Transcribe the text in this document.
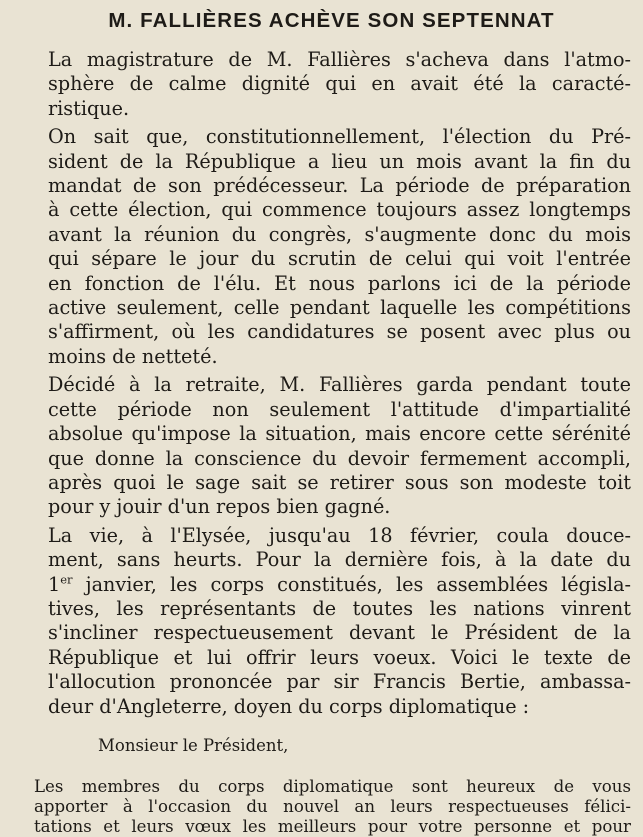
M. FALLIÈRES ACHÈVE SON SEPTENNAT

La magistrature de M. Fallières s'acheva dans l'atmo-
sphère de calme dignité qui en avait été la caracté-
ristique.

On sait que, constitutionnellement, l'élection du Pré-
sident de la République a lieu un mois avant la fin du
mandat de son prédécesseur. La période de préparation
à cette élection, qui commence toujours assez longtemps
avant la réunion du congrès, s'augmente donc du mois
qui sépare le jour du scrutin de celui qui voit l'entrée
en fonction de l'élu. Et nous parlons ici de la période
active seulement, celle pendant laquelle les compétitions
s'affirment, où les candidatures se posent avec plus ou
moins de netteté.

Décidé à la retraite, M. Fallières garda pendant toute
cette période non seulement l'attitude d'impartialité
absolue qu'impose la situation, mais encore cette sérénité
que donne la conscience du devoir fermement accompli,
après quoi le sage sait se retirer sous son modeste toit
pour y jouir d'un repos bien gagné.

La vie, à l'Elysée, jusqu'au 18 février, coula douce-
ment, sans heurts. Pour la dernière fois, à la date du
1er janvier, les corps constitués, les assemblées législa-
tives, les représentants de toutes les nations vinrent
s'incliner respectueusement devant le Président de la
République et lui offrir leurs voeux. Voici le texte de
l'allocution prononcée par sir Francis Bertie, ambassa-
deur d'Angleterre, doyen du corps diplomatique :

Monsieur le Président,
Les membres du corps diplomatique sont heureux de vous
apporter à l'occasion du nouvel an leurs respectueuses félici-
tations et leurs vœux les meilleurs pour votre personne et pour
